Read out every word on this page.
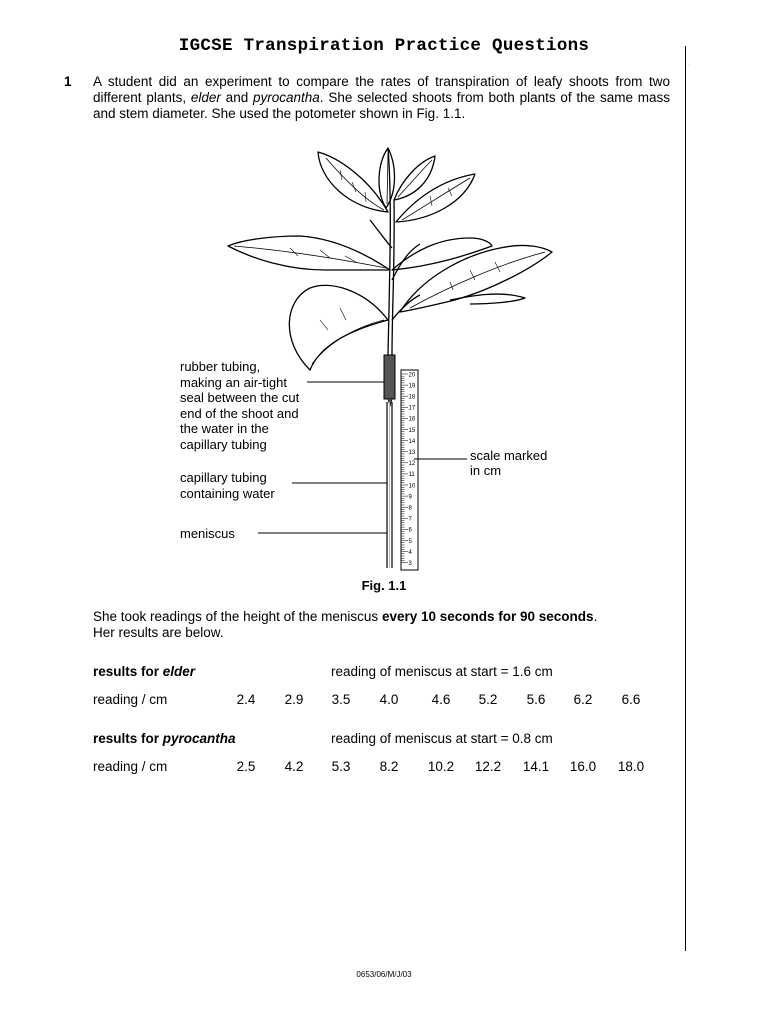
IGCSE Transpiration Practice Questions
ˌ
1 A student did an experiment to compare the rates of transpiration of leafy shoots from two different plants, elder and pyrocantha. She selected shoots from both plants of the same mass and stem diameter. She used the potometer shown in Fig. 1.1.

20
19
18
17
16
15
14
13
12
11
10
9
8
7
6
5
4
3
rubber tubing, making an air-tight seal between the cut end of the shoot and the water in the capillary tubing
capillary tubing containing water
meniscus
scale marked in cm
Fig. 1.1

She took readings of the height of the meniscus every 10 seconds for 90 seconds.
Her results are below.

results for elder	reading of meniscus at start = 1.6 cm
reading / cm	2.4	2.9	3.5	4.0	4.6	5.2	5.6	6.2	6.6
results for pyrocantha	reading of meniscus at start = 0.8 cm
reading / cm	2.5	4.2	5.3	8.2	10.2	12.2	14.1	16.0	18.0
0653/06/M/J/03
